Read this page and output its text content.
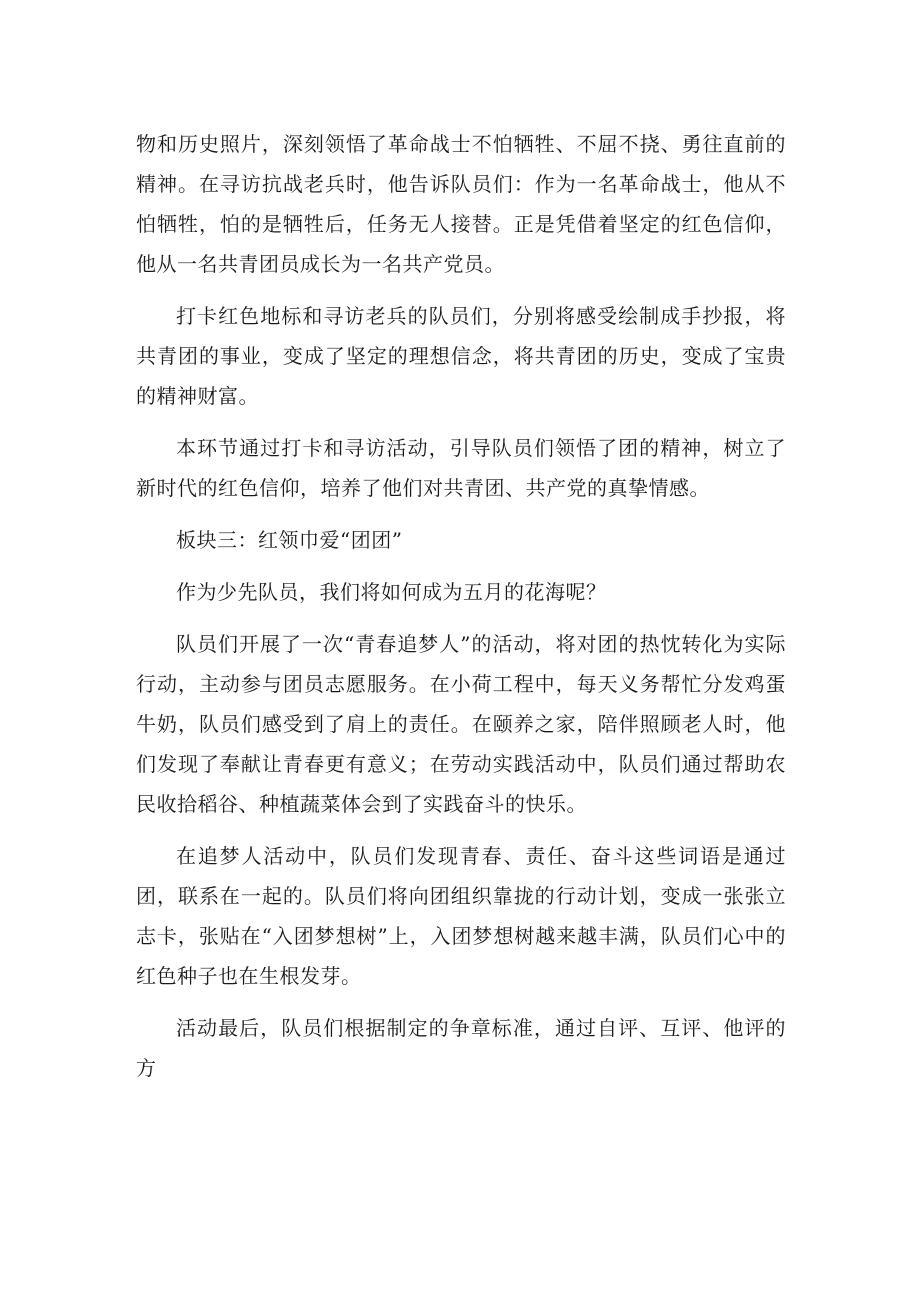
物和历史照片，深刻领悟了革命战士不怕牺牲、不屈不挠、勇往直前的精神。在寻访抗战老兵时，他告诉队员们：作为一名革命战士，他从不怕牺牲，怕的是牺牲后，任务无人接替。正是凭借着坚定的红色信仰，他从一名共青团员成长为一名共产党员。

打卡红色地标和寻访老兵的队员们，分别将感受绘制成手抄报，将共青团的事业，变成了坚定的理想信念，将共青团的历史，变成了宝贵的精神财富。

本环节通过打卡和寻访活动，引导队员们领悟了团的精神，树立了新时代的红色信仰，培养了他们对共青团、共产党的真挚情感。

板块三：红领巾爱“团团”

作为少先队员，我们将如何成为五月的花海呢？

队员们开展了一次“青春追梦人”的活动，将对团的热忱转化为实际行动，主动参与团员志愿服务。在小荷工程中，每天义务帮忙分发鸡蛋牛奶，队员们感受到了肩上的责任。在颐养之家，陪伴照顾老人时，他们发现了奉献让青春更有意义；在劳动实践活动中，队员们通过帮助农民收拾稻谷、种植蔬菜体会到了实践奋斗的快乐。

在追梦人活动中，队员们发现青春、责任、奋斗这些词语是通过团，联系在一起的。队员们将向团组织靠拢的行动计划，变成一张张立志卡，张贴在“入团梦想树”上，入团梦想树越来越丰满，队员们心中的红色种子也在生根发芽。

活动最后，队员们根据制定的争章标准，通过自评、互评、他评的方
